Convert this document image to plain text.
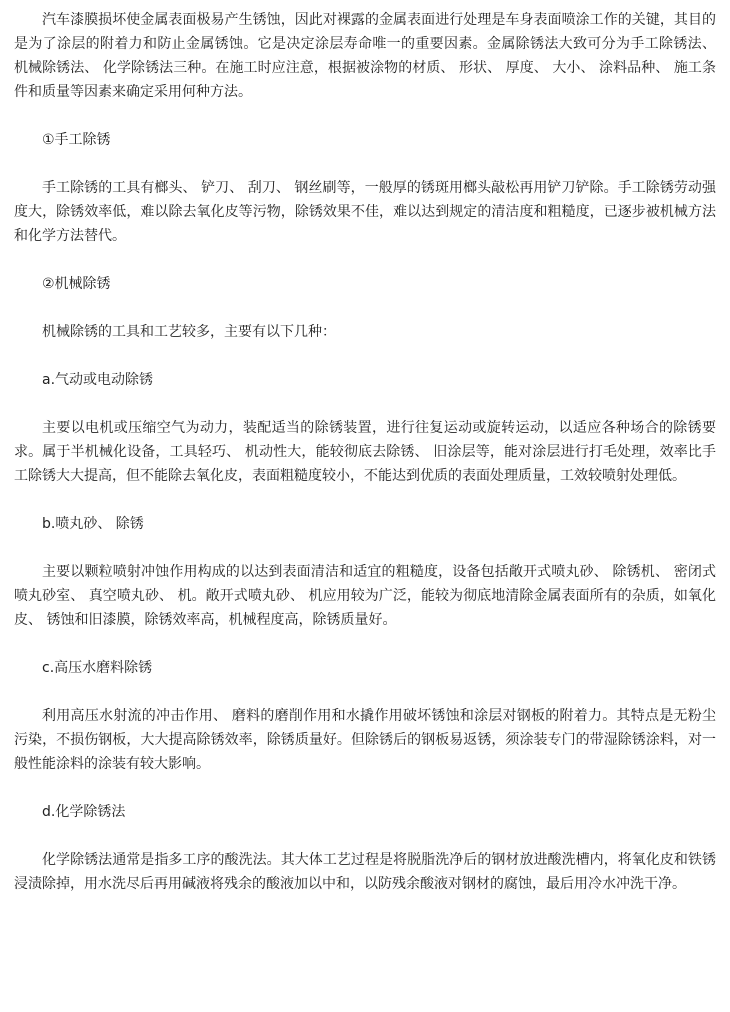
汽车漆膜损坏使金属表面极易产生锈蚀，因此对裸露的金属表面进行处理是车身表面喷涂工作的关键，其目的是为了涂层的附着力和防止金属锈蚀。它是决定涂层寿命唯一的重要因素。金属除锈法大致可分为手工除锈法、 机械除锈法、 化学除锈法三种。在施工时应注意，根据被涂物的材质、 形状、 厚度、 大小、 涂料品种、 施工条件和质量等因素来确定采用何种方法。

①手工除锈

手工除锈的工具有榔头、 铲刀、 刮刀、 钢丝刷等，一般厚的锈斑用榔头敲松再用铲刀铲除。手工除锈劳动强度大，除锈效率低，难以除去氧化皮等污物，除锈效果不佳，难以达到规定的清洁度和粗糙度，已逐步被机械方法和化学方法替代。

②机械除锈

机械除锈的工具和工艺较多，主要有以下几种：

a.气动或电动除锈

主要以电机或压缩空气为动力，装配适当的除锈装置，进行往复运动或旋转运动，以适应各种场合的除锈要求。属于半机械化设备，工具轻巧、 机动性大，能较彻底去除锈、 旧涂层等，能对涂层进行打毛处理，效率比手工除锈大大提高，但不能除去氧化皮，表面粗糙度较小，不能达到优质的表面处理质量，工效较喷射处理低。

b.喷丸砂、 除锈

主要以颗粒喷射冲蚀作用构成的以达到表面清洁和适宜的粗糙度，设备包括敞开式喷丸砂、 除锈机、 密闭式喷丸砂室、 真空喷丸砂、 机。敞开式喷丸砂、 机应用较为广泛，能较为彻底地清除金属表面所有的杂质，如氧化皮、 锈蚀和旧漆膜，除锈效率高，机械程度高，除锈质量好。

c.高压水磨料除锈

利用高压水射流的冲击作用、 磨料的磨削作用和水撬作用破坏锈蚀和涂层对钢板的附着力。其特点是无粉尘污染，不损伤钢板，大大提高除锈效率，除锈质量好。但除锈后的钢板易返锈，须涂装专门的带湿除锈涂料，对一般性能涂料的涂装有较大影响。

d.化学除锈法

化学除锈法通常是指多工序的酸洗法。其大体工艺过程是将脱脂洗净后的钢材放进酸洗槽内，将氧化皮和铁锈浸渍除掉，用水洗尽后再用碱液将残余的酸液加以中和，以防残余酸液对钢材的腐蚀，最后用冷水冲洗干净。
